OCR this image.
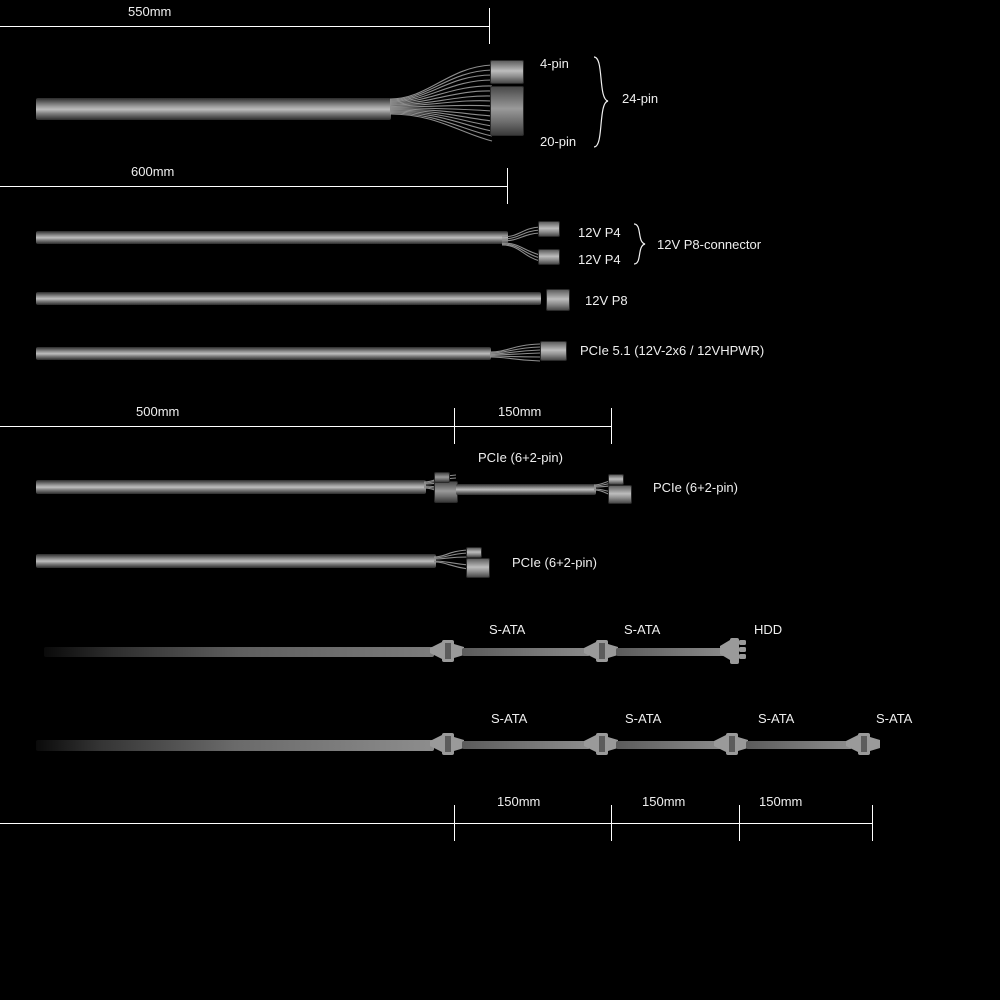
550mm
4-pin
20-pin
24-pin
600mm
12V P4
12V P4
12V P8-connector
12V P8
PCIe 5.1 (12V-2x6 / 12VHPWR)
500mm	150mm
PCIe (6+2-pin)
PCIe (6+2-pin)
PCIe (6+2-pin)
S-ATA	S-ATA	HDD
S-ATA	S-ATA	S-ATA	S-ATA
150mm	150mm	150mm
